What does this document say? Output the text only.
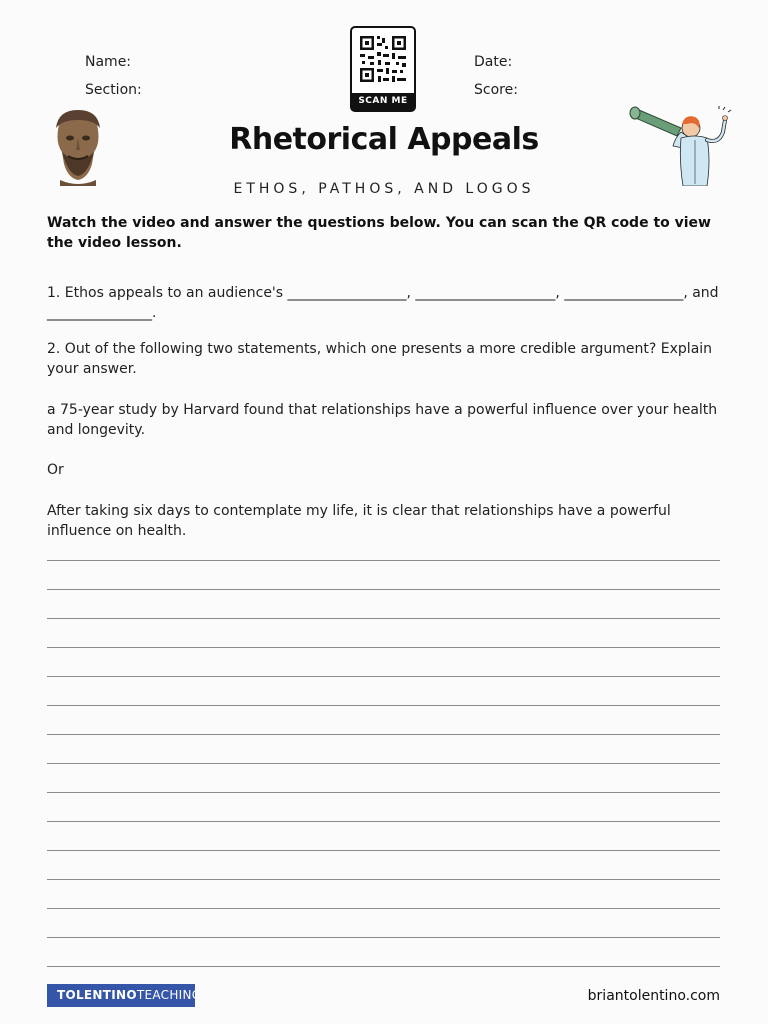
Name:
Section:
Date:
Score:
SCAN ME
Rhetorical Appeals
ETHOS, PATHOS, AND LOGOS
Watch the video and answer the questions below. You can scan the QR code to view the video lesson.
1. Ethos appeals to an audience's _________________, ____________________, _________________, and _______________.
2. Out of the following two statements, which one presents a more credible argument? Explain your answer.
a 75-year study by Harvard found that relationships have a powerful influence over your health and longevity.
Or
After taking six days to contemplate my life, it is clear that relationships have a powerful influence on health.
TOLENTINOTEACHING	briantolentino.com
